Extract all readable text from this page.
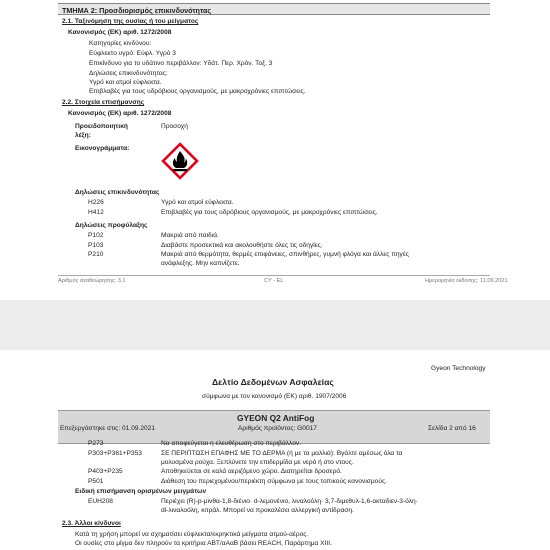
ΤΜΗΜΑ 2: Προσδιορισμός επικινδυνότητας
2.1. Ταξινόμηση της ουσίας ή του μείγματος
Κανονισμός (ΕΚ) αριθ. 1272/2008
Κατηγορίες κινδύνου:
Εύφλεκτο υγρό: Εύφλ. Υγρό 3
Επικίνδυνο για το υδάτινο περιβάλλον: Υδάτ. Περ. Χρόν. Τοξ. 3
Δηλώσεις επικινδυνότητας:
Υγρό και ατμοί εύφλεκτα.
Επιβλαβές για τους υδρόβιους οργανισμούς, με μακροχρόνιες επιπτώσεις.
2.2. Στοιχεία επισήμανσης
Κανονισμός (ΕΚ) αριθ. 1272/2008
Προειδοποιητική
λέξη:
Προσοχή
Εικονογράμματα:
Δηλώσεις επικινδυνότητας
H226	Υγρό και ατμοί εύφλεκτα.
H412	Επιβλαβές για τους υδρόβιους οργανισμούς, με μακροχρόνιες επιπτώσεις.
Δηλώσεις προφύλαξης
P102	Μακριά από παιδιά.
P103	Διαβάστε προσεκτικά και ακολουθήστε όλες τις οδηγίες.
P210	Μακριά από θερμότητα, θερμές επιφάνειες, σπινθήρες, γυμνή φλόγα και άλλες πηγές
ανάφλεξης. Μην καπνίζετε.
Αριθμός αναθεώρησης: 3,1	CY - EL	Ημερομηνία έκδοσης: 11.09.2021
Gyeon Technology
Δελτίο Δεδομένων Ασφαλείας
σύμφωνα με τον κανονισμό (ΕΚ) αριθ. 1907/2006
GYEON Q2 AntiFog
Επεξεργάστηκε στις: 01.09.2021	Αριθμός προϊόντος: G0017	Σελίδα 2 από 16
P273	Να αποφεύγεται η ελευθέρωση στο περιβάλλον.
P303+P361+P353	ΣΕ ΠΕΡΙΠΤΩΣΗ ΕΠΑΦΗΣ ΜΕ ΤΟ ΔΕΡΜΑ (ή με τα μαλλιά): Βγάλτε αμέσως όλα τα
μολυσμένα ρούχα. Ξεπλύνετε την επιδερμίδα με νερό ή στο ντους.
P403+P235	Αποθηκεύεται σε καλά αεριζόμενο χώρο. Διατηρείται δροσερό.
P501	Διάθεση του περιεχομένου/περιέκτη σύμφωνα με τους τοπικούς κανονισμούς.
Ειδική επισήμανση ορισμένων μειγμάτων
EUH208	Περιέχει (R)-p-μινθα-1,8-διένιο· d-λεμονένιο, λιναλοόλη· 3,7-διμεθυλ-1,6-οκταδιεν-3-όλη·
dl-λιναλοόλη, κιτράλ. Μπορεί να προκαλέσει αλλεργική αντίδραση.
2.3. Άλλοι κίνδυνοι
Κατά τη χρήση μπορεί να σχηματίσει εύφλεκτα/εκρηκτικά μείγματα ατμού-αέρος.
Οι ουσίες στο μίγμα δεν πληρούν τα κριτήρια ΑΒΤ/αΑαΒ βάσει REACH, Παράρτημα XIII.
